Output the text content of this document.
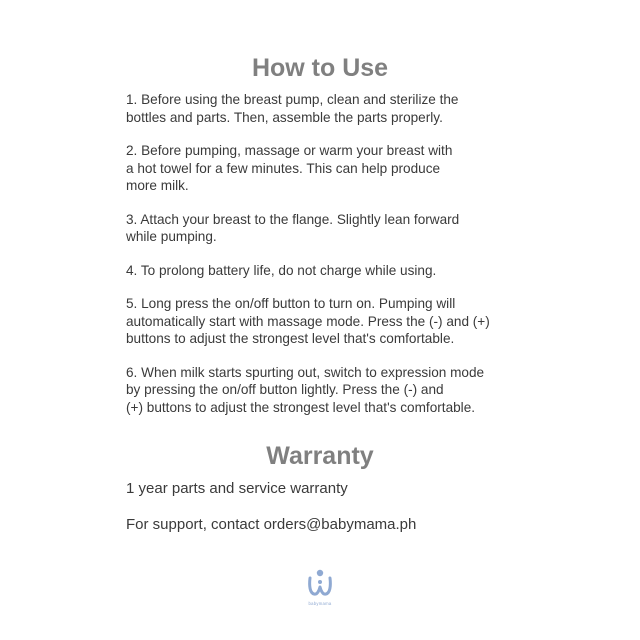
How to Use
1. Before using the breast pump, clean and sterilize the
bottles and parts. Then, assemble the parts properly.
2. Before pumping, massage or warm your breast with
a hot towel for a few minutes. This can help produce
more milk.
3. Attach your breast to the flange. Slightly lean forward
while pumping.
4. To prolong battery life, do not charge while using.
5. Long press the on/off button to turn on. Pumping will
automatically start with massage mode. Press the (-) and (+)
buttons to adjust the strongest level that's comfortable.
6. When milk starts spurting out, switch to expression mode
by pressing the on/off button lightly. Press the (-) and
(+) buttons to adjust the strongest level that's comfortable.
Warranty

1 year parts and service warranty

For support, contact orders@babymama.ph

babymama
